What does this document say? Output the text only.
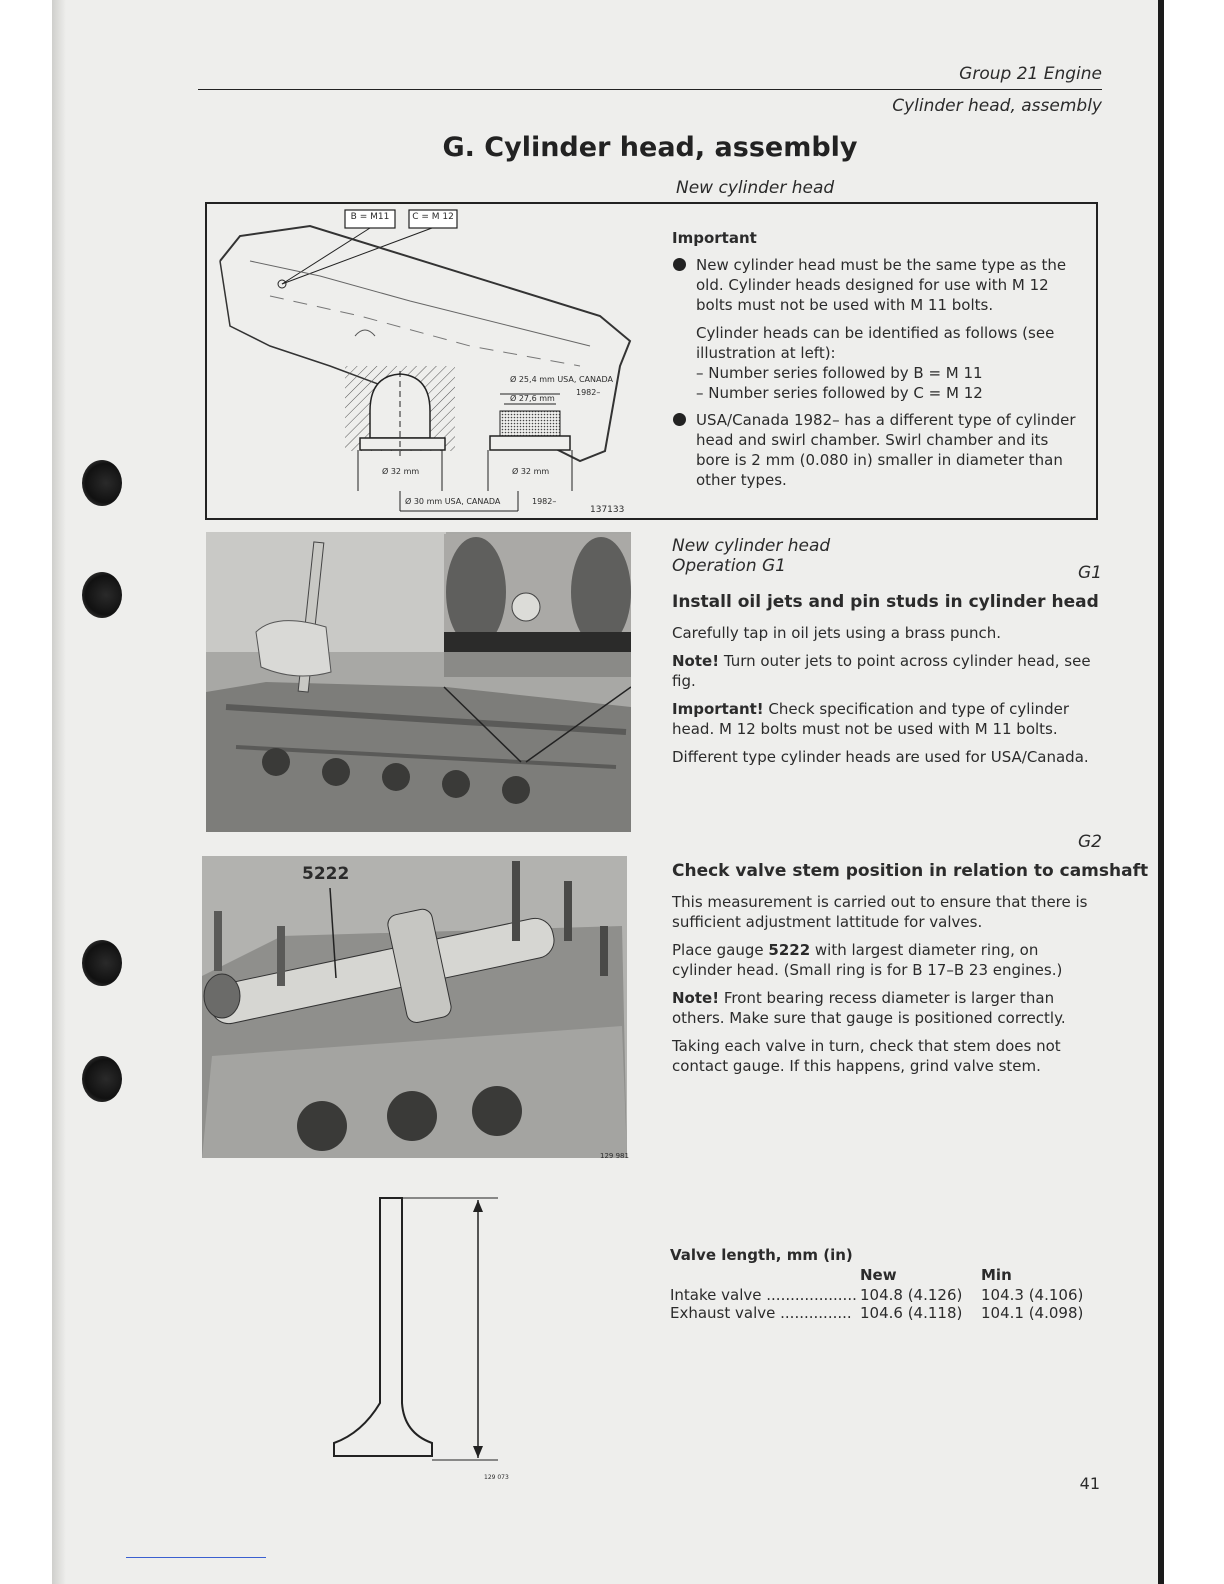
Group 21 Engine
Cylinder head, assembly
G. Cylinder head, assembly
New cylinder head
B = M11	C = M 12
Ø 25,4 mm USA, CANADA
Ø 27,6 mm
1982–
Ø 32 mm	Ø 32 mm
Ø 30 mm USA, CANADA	1982–
137133
Important
New cylinder head must be the same type as the old. Cylinder heads designed for use with M 12 bolts must not be used with M 11 bolts.
Cylinder heads can be identified as follows (see illustration at left):
– Number series followed by B = M 11
– Number series followed by C = M 12
USA/Canada 1982– has a different type of cylinder head and swirl chamber. Swirl chamber and its bore is 2 mm (0.080 in) smaller in diameter than other types.
New cylinder head
Operation G1	G1
Install oil jets and pin studs in cylinder head
Carefully tap in oil jets using a brass punch.
Note! Turn outer jets to point across cylinder head, see fig.
Important! Check specification and type of cylinder head. M 12 bolts must not be used with M 11 bolts.
Different type cylinder heads are used for USA/Canada.
5222
129 981
G2
Check valve stem position in relation to camshaft
This measurement is carried out to ensure that there is sufficient adjustment lattitude for valves.
Place gauge 5222 with largest diameter ring, on cylinder head. (Small ring is for B 17–B 23 engines.)
Note! Front bearing recess diameter is larger than others. Make sure that gauge is positioned correctly.
Taking each valve in turn, check that stem does not contact gauge. If this happens, grind valve stem.
129 073
Valve length, mm (in)
New	Min
Intake valve ................... 104.8 (4.126)	104.3 (4.106)
Exhaust valve ............... 104.6 (4.118)	104.1 (4.098)
41
